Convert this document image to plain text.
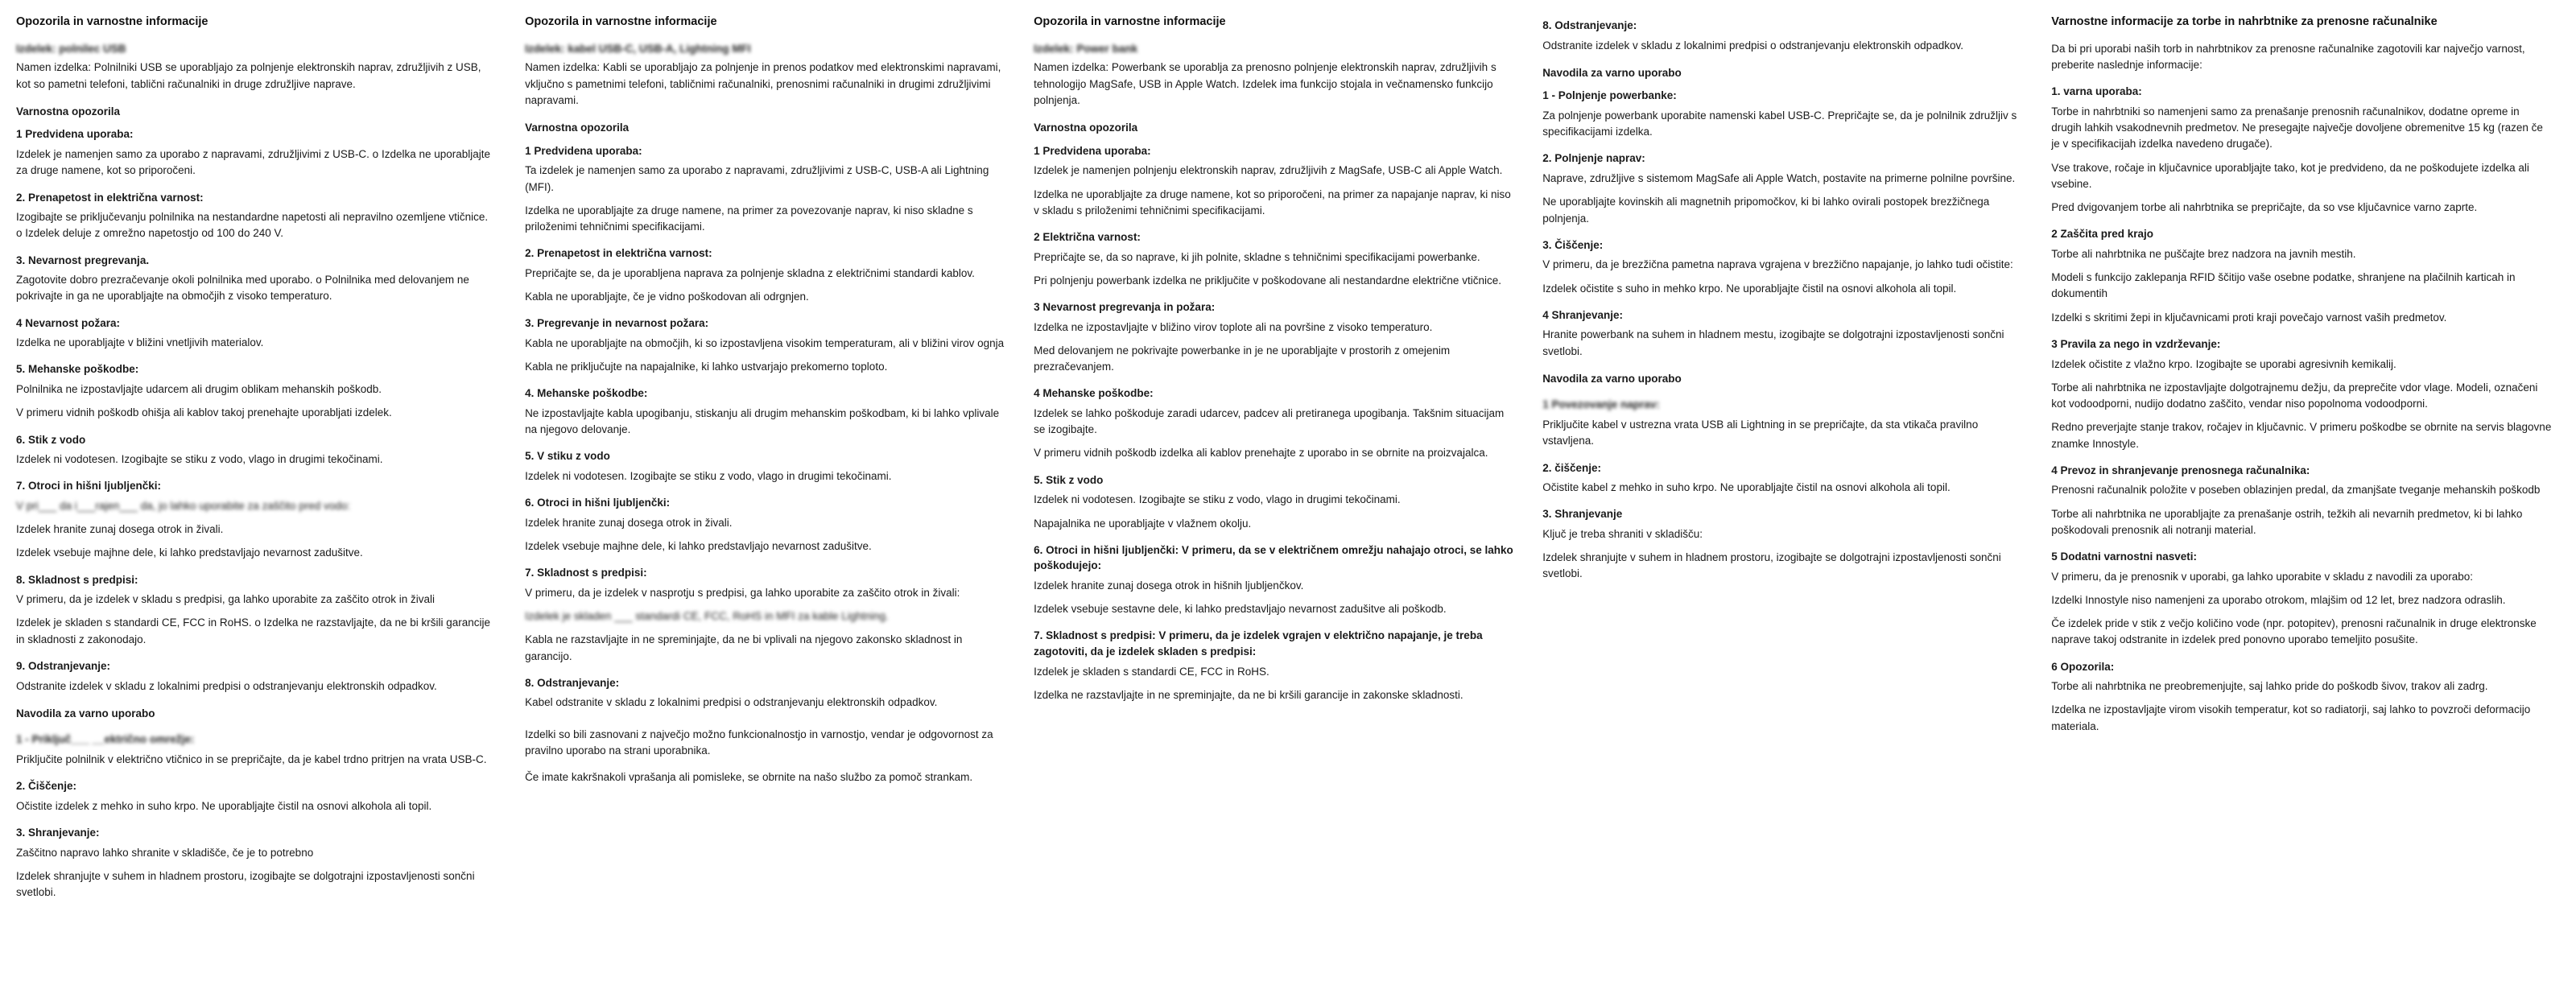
Opozorila in varnostne informacije

Izdelek: polnilec USB

Namen izdelka: Polnilniki USB se uporabljajo za polnjenje elektronskih naprav, združljivih z USB, kot so pametni telefoni, tablični računalniki in druge združljive naprave.

Varnostna opozorila
1 Predvidena uporaba:

Izdelek je namenjen samo za uporabo z napravami, združljivimi z USB-C. o Izdelka ne uporabljajte za druge namene, kot so priporočeni.

2. Prenapetost in električna varnost:

Izogibajte se priključevanju polnilnika na nestandardne napetosti ali nepravilno ozemljene vtičnice. o Izdelek deluje z omrežno napetostjo od 100 do 240 V.

3. Nevarnost pregrevanja.

Zagotovite dobro prezračevanje okoli polnilnika med uporabo. o Polnilnika med delovanjem ne pokrivajte in ga ne uporabljajte na območjih z visoko temperaturo.

4 Nevarnost požara:

Izdelka ne uporabljajte v bližini vnetljivih materialov.

5. Mehanske poškodbe:

Polnilnika ne izpostavljajte udarcem ali drugim oblikam mehanskih poškodb.

V primeru vidnih poškodb ohišja ali kablov takoj prenehajte uporabljati izdelek.

6. Stik z vodo

Izdelek ni vodotesen. Izogibajte se stiku z vodo, vlago in drugimi tekočinami.

7. Otroci in hišni ljubljenčki:

V pri___ da i___rajen___ da, jo lahko uporabite za zaščito pred vodo:

Izdelek hranite zunaj dosega otrok in živali.

Izdelek vsebuje majhne dele, ki lahko predstavljajo nevarnost zadušitve.

8. Skladnost s predpisi:

V primeru, da je izdelek v skladu s predpisi, ga lahko uporabite za zaščito otrok in živali

Izdelek je skladen s standardi CE, FCC in RoHS. o Izdelka ne razstavljajte, da ne bi kršili garancije in skladnosti z zakonodajo.

9. Odstranjevanje:

Odstranite izdelek v skladu z lokalnimi predpisi o odstranjevanju elektronskih odpadkov.

Navodila za varno uporabo
1 - Priključ___ __ektrično omrežje:

Priključite polnilnik v električno vtičnico in se prepričajte, da je kabel trdno pritrjen na vrata USB-C.

2. Čiščenje:

Očistite izdelek z mehko in suho krpo. Ne uporabljajte čistil na osnovi alkohola ali topil.

3. Shranjevanje:

Zaščitno napravo lahko shranite v skladišče, če je to potrebno

Izdelek shranjujte v suhem in hladnem prostoru, izogibajte se dolgotrajni izpostavljenosti sončni svetlobi.

Opozorila in varnostne informacije

Izdelek: kabel USB-C, USB-A, Lightning MFI

Namen izdelka: Kabli se uporabljajo za polnjenje in prenos podatkov med elektronskimi napravami, vključno s pametnimi telefoni, tabličnimi računalniki, prenosnimi računalniki in drugimi združljivimi napravami.

Varnostna opozorila
1 Predvidena uporaba:

Ta izdelek je namenjen samo za uporabo z napravami, združljivimi z USB-C, USB-A ali Lightning (MFI).

Izdelka ne uporabljajte za druge namene, na primer za povezovanje naprav, ki niso skladne s priloženimi tehničnimi specifikacijami.

2. Prenapetost in električna varnost:

Prepričajte se, da je uporabljena naprava za polnjenje skladna z električnimi standardi kablov.

Kabla ne uporabljajte, če je vidno poškodovan ali odrgnjen.

3. Pregrevanje in nevarnost požara:

Kabla ne uporabljajte na območjih, ki so izpostavljena visokim temperaturam, ali v bližini virov ognja

Kabla ne priključujte na napajalnike, ki lahko ustvarjajo prekomerno toploto.

4. Mehanske poškodbe:

Ne izpostavljajte kabla upogibanju, stiskanju ali drugim mehanskim poškodbam, ki bi lahko vplivale na njegovo delovanje.

5. V stiku z vodo

Izdelek ni vodotesen. Izogibajte se stiku z vodo, vlago in drugimi tekočinami.

6. Otroci in hišni ljubljenčki:

Izdelek hranite zunaj dosega otrok in živali.

Izdelek vsebuje majhne dele, ki lahko predstavljajo nevarnost zadušitve.

7. Skladnost s predpisi:

V primeru, da je izdelek v nasprotju s predpisi, ga lahko uporabite za zaščito otrok in živali:

Izdelek je skladen ___ standardi CE, FCC, RoHS in MFI za kable Lightning.

Kabla ne razstavljajte in ne spreminjajte, da ne bi vplivali na njegovo zakonsko skladnost in garancijo.

8. Odstranjevanje:

Kabel odstranite v skladu z lokalnimi predpisi o odstranjevanju elektronskih odpadkov.

Izdelki so bili zasnovani z največjo možno funkcionalnostjo in varnostjo, vendar je odgovornost za pravilno uporabo na strani uporabnika.

Če imate kakršnakoli vprašanja ali pomisleke, se obrnite na našo službo za pomoč strankam.

Opozorila in varnostne informacije

Izdelek: Power bank

Namen izdelka: Powerbank se uporablja za prenosno polnjenje elektronskih naprav, združljivih s tehnologijo MagSafe, USB in Apple Watch. Izdelek ima funkcijo stojala in večnamensko funkcijo polnjenja.

Varnostna opozorila
1 Predvidena uporaba:

Izdelek je namenjen polnjenju elektronskih naprav, združljivih z MagSafe, USB-C ali Apple Watch.

Izdelka ne uporabljajte za druge namene, kot so priporočeni, na primer za napajanje naprav, ki niso v skladu s priloženimi tehničnimi specifikacijami.

2 Električna varnost:

Prepričajte se, da so naprave, ki jih polnite, skladne s tehničnimi specifikacijami powerbanke.

Pri polnjenju powerbank izdelka ne priključite v poškodovane ali nestandardne električne vtičnice.

3 Nevarnost pregrevanja in požara:

Izdelka ne izpostavljajte v bližino virov toplote ali na površine z visoko temperaturo.

Med delovanjem ne pokrivajte powerbanke in je ne uporabljajte v prostorih z omejenim prezračevanjem.

4 Mehanske poškodbe:

Izdelek se lahko poškoduje zaradi udarcev, padcev ali pretiranega upogibanja. Takšnim situacijam se izogibajte.

V primeru vidnih poškodb izdelka ali kablov prenehajte z uporabo in se obrnite na proizvajalca.

5. Stik z vodo

Izdelek ni vodotesen. Izogibajte se stiku z vodo, vlago in drugimi tekočinami.

Napajalnika ne uporabljajte v vlažnem okolju.

6. Otroci in hišni ljubljenčki: V primeru, da se v električnem omrežju nahajajo otroci, se lahko poškodujejo:

Izdelek hranite zunaj dosega otrok in hišnih ljubljenčkov.

Izdelek vsebuje sestavne dele, ki lahko predstavljajo nevarnost zadušitve ali poškodb.

7. Skladnost s predpisi: V primeru, da je izdelek vgrajen v električno napajanje, je treba zagotoviti, da je izdelek skladen s predpisi:

Izdelek je skladen s standardi CE, FCC in RoHS.

Izdelka ne razstavljajte in ne spreminjajte, da ne bi kršili garancije in zakonske skladnosti.

8. Odstranjevanje:

Odstranite izdelek v skladu z lokalnimi predpisi o odstranjevanju elektronskih odpadkov.

Navodila za varno uporabo
1 - Polnjenje powerbanke:

Za polnjenje powerbank uporabite namenski kabel USB-C. Prepričajte se, da je polnilnik združljiv s specifikacijami izdelka.

2. Polnjenje naprav:

Naprave, združljive s sistemom MagSafe ali Apple Watch, postavite na primerne polnilne površine.

Ne uporabljajte kovinskih ali magnetnih pripomočkov, ki bi lahko ovirali postopek brezžičnega polnjenja.

3. Čiščenje:

V primeru, da je brezžična pametna naprava vgrajena v brezžično napajanje, jo lahko tudi očistite:

Izdelek očistite s suho in mehko krpo. Ne uporabljajte čistil na osnovi alkohola ali topil.

4 Shranjevanje:

Hranite powerbank na suhem in hladnem mestu, izogibajte se dolgotrajni izpostavljenosti sončni svetlobi.

Navodila za varno uporabo
1 Povezovanje naprav:

Priključite kabel v ustrezna vrata USB ali Lightning in se prepričajte, da sta vtikača pravilno vstavljena.

2. čiščenje:

Očistite kabel z mehko in suho krpo. Ne uporabljajte čistil na osnovi alkohola ali topil.

3. Shranjevanje

Ključ je treba shraniti v skladišču:

Izdelek shranjujte v suhem in hladnem prostoru, izogibajte se dolgotrajni izpostavljenosti sončni svetlobi.

Varnostne informacije za torbe in nahrbtnike za prenosne računalnike

Da bi pri uporabi naših torb in nahrbtnikov za prenosne računalnike zagotovili kar največjo varnost, preberite naslednje informacije:

1. varna uporaba:

Torbe in nahrbtniki so namenjeni samo za prenašanje prenosnih računalnikov, dodatne opreme in drugih lahkih vsakodnevnih predmetov. Ne presegajte največje dovoljene obremenitve 15 kg (razen če je v specifikacijah izdelka navedeno drugače).

Vse trakove, ročaje in ključavnice uporabljajte tako, kot je predvideno, da ne poškodujete izdelka ali vsebine.

Pred dvigovanjem torbe ali nahrbtnika se prepričajte, da so vse ključavnice varno zaprte.

2 Zaščita pred krajo

Torbe ali nahrbtnika ne puščajte brez nadzora na javnih mestih.

Modeli s funkcijo zaklepanja RFID ščitijo vaše osebne podatke, shranjene na plačilnih karticah in dokumentih

Izdelki s skritimi žepi in ključavnicami proti kraji povečajo varnost vaših predmetov.

3 Pravila za nego in vzdrževanje:

Izdelek očistite z vlažno krpo. Izogibajte se uporabi agresivnih kemikalij.

Torbe ali nahrbtnika ne izpostavljajte dolgotrajnemu dežju, da preprečite vdor vlage. Modeli, označeni kot vodoodporni, nudijo dodatno zaščito, vendar niso popolnoma vodoodporni.

Redno preverjajte stanje trakov, ročajev in ključavnic. V primeru poškodbe se obrnite na servis blagovne znamke Innostyle.

4 Prevoz in shranjevanje prenosnega računalnika:

Prenosni računalnik položite v poseben oblazinjen predal, da zmanjšate tveganje mehanskih poškodb

Torbe ali nahrbtnika ne uporabljajte za prenašanje ostrih, težkih ali nevarnih predmetov, ki bi lahko poškodovali prenosnik ali notranji material.

5 Dodatni varnostni nasveti:

V primeru, da je prenosnik v uporabi, ga lahko uporabite v skladu z navodili za uporabo:

Izdelki Innostyle niso namenjeni za uporabo otrokom, mlajšim od 12 let, brez nadzora odraslih.

Če izdelek pride v stik z večjo količino vode (npr. potopitev), prenosni računalnik in druge elektronske naprave takoj odstranite in izdelek pred ponovno uporabo temeljito posušite.

6 Opozorila:

Torbe ali nahrbtnika ne preobremenjujte, saj lahko pride do poškodb šivov, trakov ali zadrg.

Izdelka ne izpostavljajte virom visokih temperatur, kot so radiatorji, saj lahko to povzroči deformacijo materiala.
